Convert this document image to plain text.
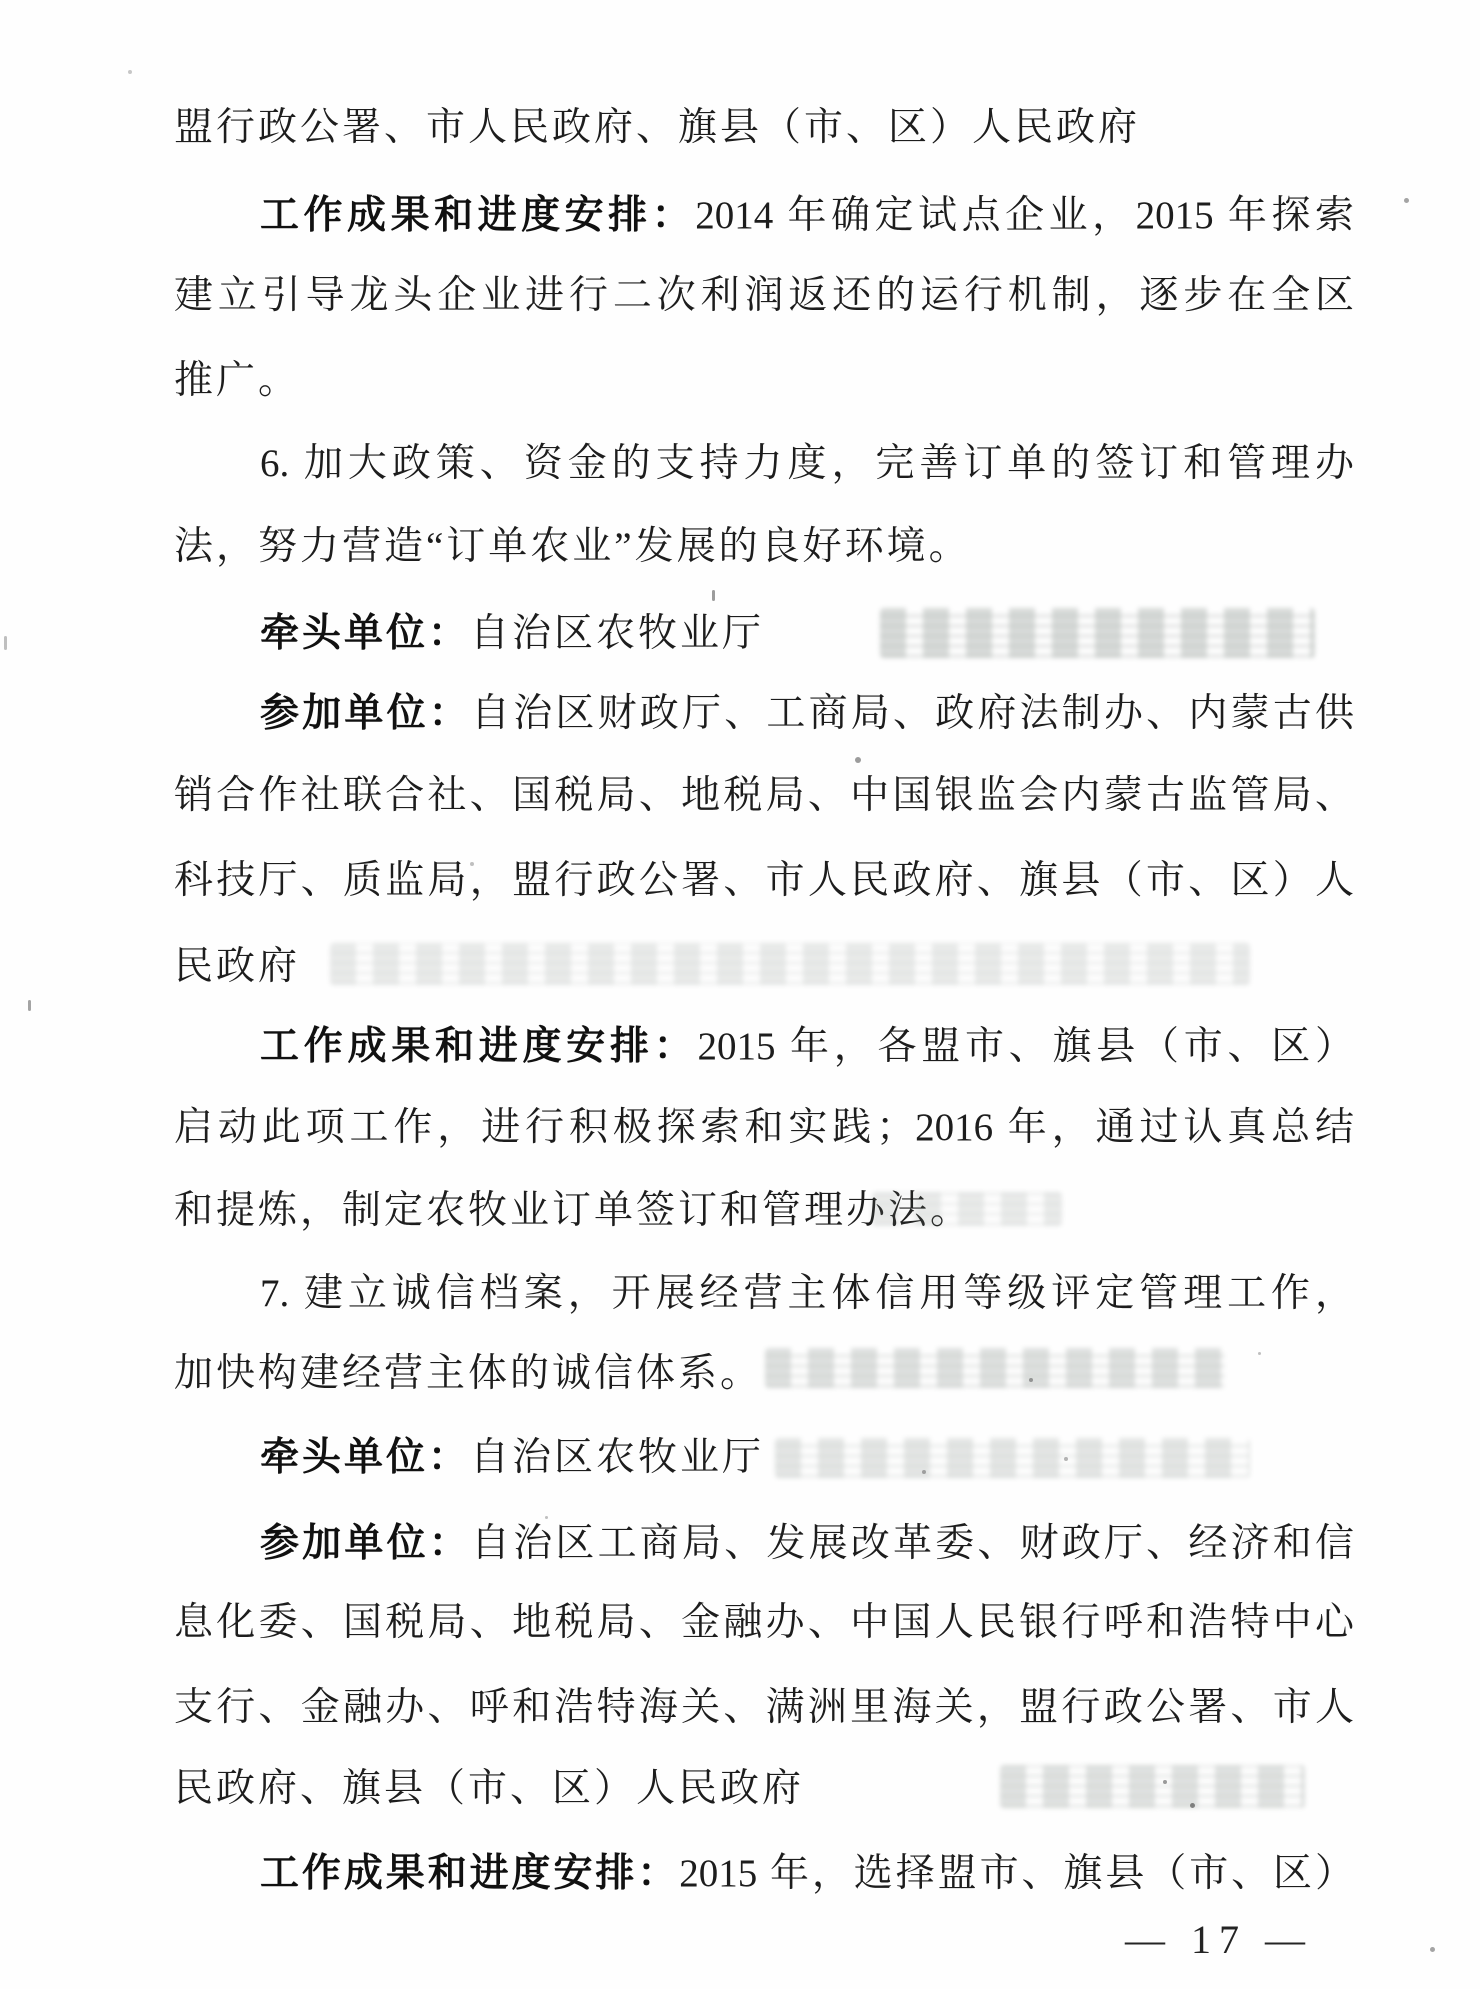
盟行政公署、市人民政府、旗县（市、区）人民政府
工作成果和进度安排：2014 年确定试点企业，2015 年探索
建立引导龙头企业进行二次利润返还的运行机制，逐步在全区
推广。
6. 加大政策、资金的支持力度，完善订单的签订和管理办
法，努力营造“订单农业”发展的良好环境。
牵头单位：自治区农牧业厅
参加单位：自治区财政厅、工商局、政府法制办、内蒙古供
销合作社联合社、国税局、地税局、中国银监会内蒙古监管局、
科技厅、质监局，盟行政公署、市人民政府、旗县（市、区）人
民政府
工作成果和进度安排：2015 年，各盟市、旗县（市、区）
启动此项工作，进行积极探索和实践；2016 年，通过认真总结
和提炼，制定农牧业订单签订和管理办法。
7. 建立诚信档案，开展经营主体信用等级评定管理工作，
加快构建经营主体的诚信体系。
牵头单位：自治区农牧业厅
参加单位：自治区工商局、发展改革委、财政厅、经济和信
息化委、国税局、地税局、金融办、中国人民银行呼和浩特中心
支行、金融办、呼和浩特海关、满洲里海关，盟行政公署、市人
民政府、旗县（市、区）人民政府
工作成果和进度安排：2015 年，选择盟市、旗县（市、区）
— 17 —
